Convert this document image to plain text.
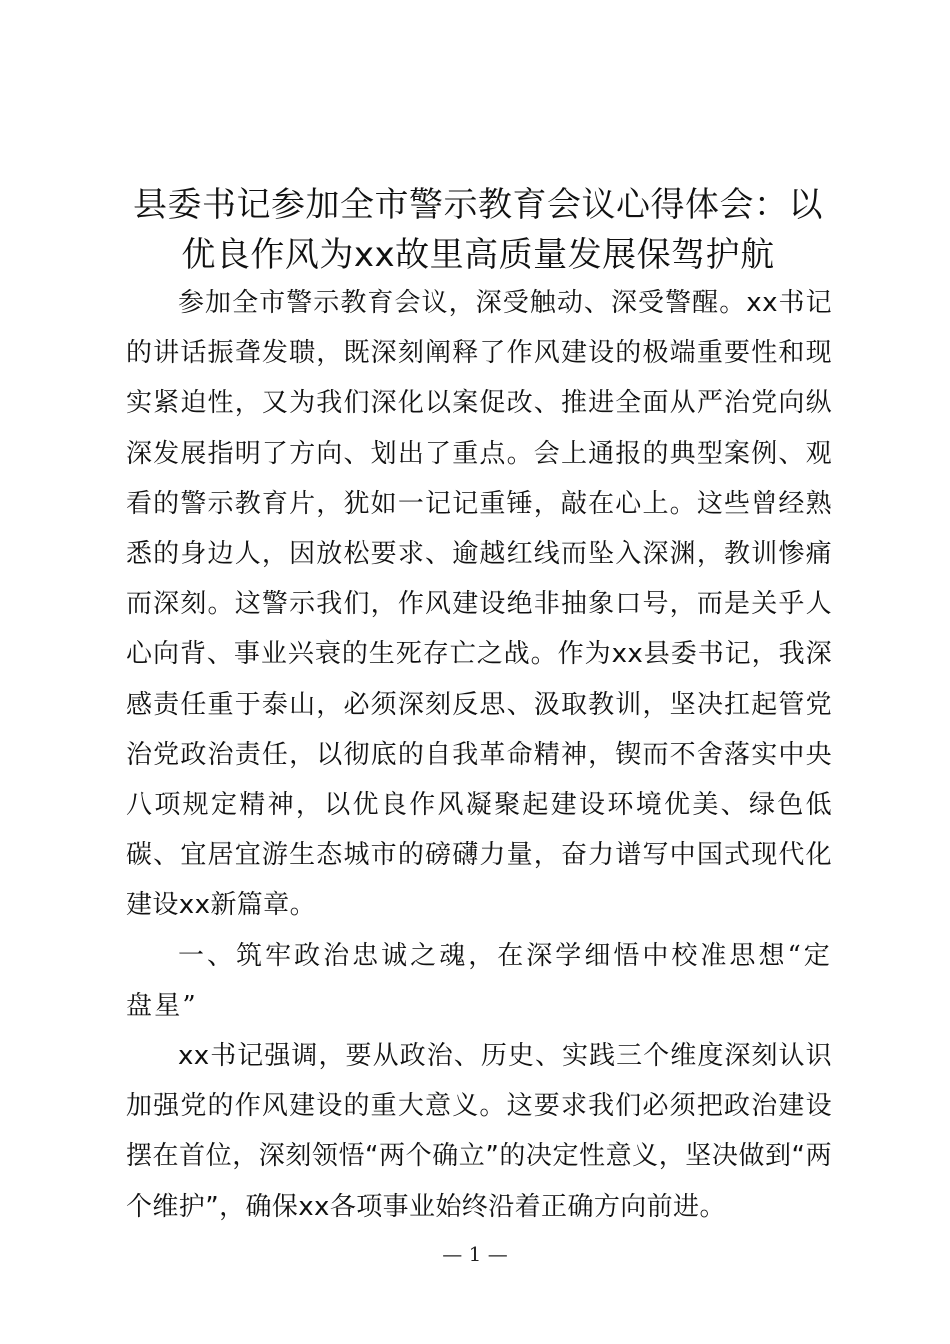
县委书记参加全市警示教育会议心得体会：以优良作风为xx故里高质量发展保驾护航

参加全市警示教育会议，深受触动、深受警醒。xx书记的讲话振聋发聩，既深刻阐释了作风建设的极端重要性和现实紧迫性，又为我们深化以案促改、推进全面从严治党向纵深发展指明了方向、划出了重点。会上通报的典型案例、观看的警示教育片，犹如一记记重锤，敲在心上。这些曾经熟悉的身边人，因放松要求、逾越红线而坠入深渊，教训惨痛而深刻。这警示我们，作风建设绝非抽象口号，而是关乎人心向背、事业兴衰的生死存亡之战。作为xx县委书记，我深感责任重于泰山，必须深刻反思、汲取教训，坚决扛起管党治党政治责任，以彻底的自我革命精神，锲而不舍落实中央八项规定精神，以优良作风凝聚起建设环境优美、绿色低碳、宜居宜游生态城市的磅礴力量，奋力谱写中国式现代化建设xx新篇章。

一、筑牢政治忠诚之魂，在深学细悟中校准思想“定盘星”

xx书记强调，要从政治、历史、实践三个维度深刻认识加强党的作风建设的重大意义。这要求我们必须把政治建设摆在首位，深刻领悟“两个确立”的决定性意义，坚决做到“两个维护”，确保xx各项事业始终沿着正确方向前进。

— 1 —
